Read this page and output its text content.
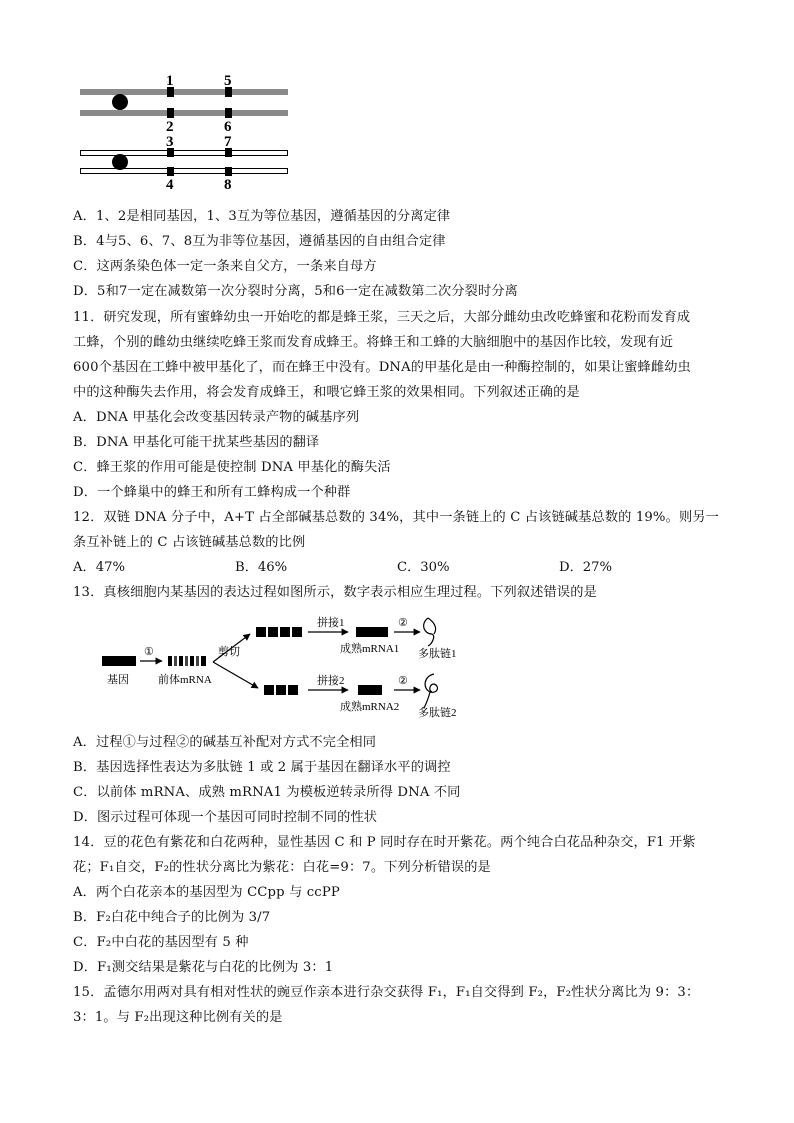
1	5
2	6
3	7
4	8
A．1、2是相同基因，1、3互为等位基因，遵循基因的分离定律
B．4与5、6、7、8互为非等位基因，遵循基因的自由组合定律
C．这两条染色体一定一条来自父方，一条来自母方
D．5和7一定在减数第一次分裂时分离，5和6一定在减数第二次分裂时分离
11．研究发现，所有蜜蜂幼虫一开始吃的都是蜂王浆，三天之后，大部分雌幼虫改吃蜂蜜和花粉而发育成
工蜂，个别的雌幼虫继续吃蜂王浆而发育成蜂王。将蜂王和工蜂的大脑细胞中的基因作比较，发现有近
600个基因在工蜂中被甲基化了，而在蜂王中没有。DNA的甲基化是由一种酶控制的，如果让蜜蜂雌幼虫
中的这种酶失去作用，将会发育成蜂王，和喂它蜂王浆的效果相同。下列叙述正确的是
A．DNA 甲基化会改变基因转录产物的碱基序列
B．DNA 甲基化可能干扰某些基因的翻译
C．蜂王浆的作用可能是使控制 DNA 甲基化的酶失活
D．一个蜂巢中的蜂王和所有工蜂构成一个种群
12．双链 DNA 分子中，A+T 占全部碱基总数的 34%，其中一条链上的 C 占该链碱基总数的 19%。则另一
条互补链上的 C 占该链碱基总数的比例
A．47%	B．46%	C．30%	D．27%
13．真核细胞内某基因的表达过程如图所示，数字表示相应生理过程。下列叙述错误的是
基因
①
前体mRNA
剪切
拼接1
成熟mRNA1
②
多肽链1
拼接2
成熟mRNA2
②
多肽链2
A．过程①与过程②的碱基互补配对方式不完全相同
B．基因选择性表达为多肽链 1 或 2 属于基因在翻译水平的调控
C．以前体 mRNA、成熟 mRNA1 为模板逆转录所得 DNA 不同
D．图示过程可体现一个基因可同时控制不同的性状
14．豆的花色有紫花和白花两种，显性基因 C 和 P 同时存在时开紫花。两个纯合白花品种杂交，F1 开紫
花；F₁自交，F₂的性状分离比为紫花：白花=9：7。下列分析错误的是
A．两个白花亲本的基因型为 CCpp 与 ccPP
B．F₂白花中纯合子的比例为 3/7
C．F₂中白花的基因型有 5 种
D．F₁测交结果是紫花与白花的比例为 3：1
15．孟德尔用两对具有相对性状的豌豆作亲本进行杂交获得 F₁，F₁自交得到 F₂，F₂性状分离比为 9：3：
3：1。与 F₂出现这种比例有关的是
